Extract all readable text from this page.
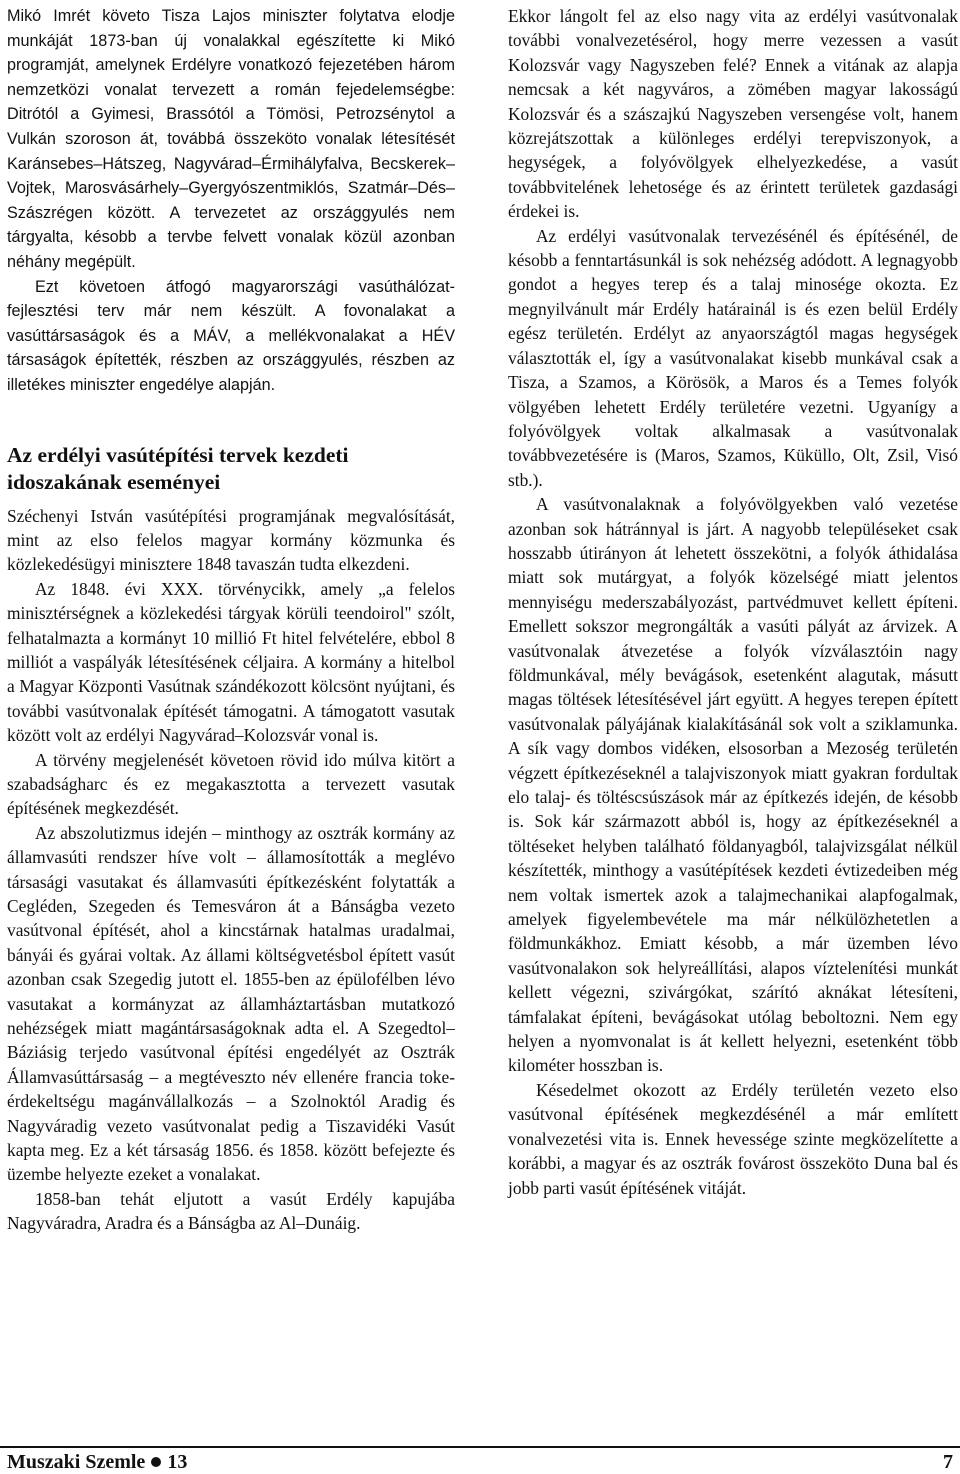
Mikó Imrét követo Tisza Lajos miniszter folytatva elodje munkáját 1873-ban új vonalakkal egészítette ki Mikó programját, amelynek Erdélyre vonatkozó fejezetében három nemzetközi vonalat tervezett a román fejedelemségbe: Ditrótól a Gyimesi, Brassótól a Tömösi, Petrozsénytol a Vulkán szoroson át, továbbá összeköto vonalak létesítését Karánsebes–Hátszeg, Nagyvárad–Érmihályfalva, Becskerek–Vojtek, Marosvásárhely–Gyergyószentmiklós, Szatmár–Dés–Szászrégen között. A tervezetet az országgyulés nem tárgyalta, késobb a tervbe felvett vonalak közül azonban néhány megépült.

Ezt követoen átfogó magyarországi vasúthálózat-fejlesztési terv már nem készült. A fovonalakat a vasúttársaságok és a MÁV, a mellékvonalakat a HÉV társaságok építették, részben az országgyulés, részben az illetékes miniszter engedélye alapján.

Az erdélyi vasútépítési tervek kezdeti idoszakának eseményei

Széchenyi István vasútépítési programjának megvalósítását, mint az elso felelos magyar kormány közmunka és közlekedésügyi minisztere 1848 tavaszán tudta elkezdeni.

Az 1848. évi XXX. törvénycikk, amely „a felelos minisztérségnek a közlekedési tárgyak körüli teendoirol" szólt, felhatalmazta a kormányt 10 millió Ft hitel felvételére, ebbol 8 milliót a vaspályák létesítésének céljaira. A kormány a hitelbol a Magyar Központi Vasútnak szándékozott kölcsönt nyújtani, és további vasútvonalak építését támogatni. A támogatott vasutak között volt az erdélyi Nagyvárad–Kolozsvár vonal is.

A törvény megjelenését követoen rövid ido múlva kitört a szabadságharc és ez megakasztotta a tervezett vasutak építésének megkezdését.

Az abszolutizmus idején – minthogy az osztrák kormány az államvasúti rendszer híve volt – államosították a meglévo társasági vasutakat és államvasúti építkezésként folytatták a Cegléden, Szegeden és Temesváron át a Bánságba vezeto vasútvonal építését, ahol a kincstárnak hatalmas uradalmai, bányái és gyárai voltak. Az állami költségvetésbol épített vasút azonban csak Szegedig jutott el. 1855-ben az épülofélben lévo vasutakat a kormányzat az államháztartásban mutatkozó nehézségek miatt magántársaságoknak adta el. A Szegedtol–Báziásig terjedo vasútvonal építési engedélyét az Osztrák Államvasúttársaság – a megtéveszto név ellenére francia toke-érdekeltségu magánvállalkozás – a Szolnoktól Aradig és Nagyváradig vezeto vasútvonalat pedig a Tiszavidéki Vasút kapta meg. Ez a két társaság 1856. és 1858. között befejezte és üzembe helyezte ezeket a vonalakat.

1858-ban tehát eljutott a vasút Erdély kapujába Nagyváradra, Aradra és a Bánságba az Al–Dunáig.

Ekkor lángolt fel az elso nagy vita az erdélyi vasútvonalak további vonalvezetésérol, hogy merre vezessen a vasút Kolozsvár vagy Nagyszeben felé? Ennek a vitának az alapja nemcsak a két nagyváros, a zömében magyar lakosságú Kolozsvár és a szászajkú Nagyszeben versengése volt, hanem közrejátszottak a különleges erdélyi terepviszonyok, a hegységek, a folyóvölgyek elhelyezkedése, a vasút továbbvitelének lehetosége és az érintett területek gazdasági érdekei is.

Az erdélyi vasútvonalak tervezésénél és építésénél, de késobb a fenntartásunkál is sok nehézség adódott. A legnagyobb gondot a hegyes terep és a talaj minosége okozta. Ez megnyilvánult már Erdély határainál is és ezen belül Erdély egész területén. Erdélyt az anyaországtól magas hegységek választották el, így a vasútvonalakat kisebb munkával csak a Tisza, a Szamos, a Körösök, a Maros és a Temes folyók völgyében lehetett Erdély területére vezetni. Ugyanígy a folyóvölgyek voltak alkalmasak a vasútvonalak továbbvezetésére is (Maros, Szamos, Küküllo, Olt, Zsil, Visó stb.).

A vasútvonalaknak a folyóvölgyekben való vezetése azonban sok hátránnyal is járt. A nagyobb településeket csak hosszabb útirányon át lehetett összekötni, a folyók áthidalása miatt sok mutárgyat, a folyók közelségé miatt jelentos mennyiségu mederszabályozást, partvédmuvet kellett építeni. Emellett sokszor megrongálták a vasúti pályát az árvizek. A vasútvonalak átvezetése a folyók vízválasztóin nagy földmunkával, mély bevágások, esetenként alagutak, másutt magas töltések létesítésével járt együtt. A hegyes terepen épített vasútvonalak pályájának kialakításánál sok volt a sziklamunka. A sík vagy dombos vidéken, elsosorban a Mezoség területén végzett építkezéseknél a talajviszonyok miatt gyakran fordultak elo talaj- és töltéscsúszások már az építkezés idején, de késobb is. Sok kár származott abból is, hogy az építkezéseknél a töltéseket helyben található földanyagból, talajvizsgálat nélkül készítették, minthogy a vasútépítések kezdeti évtizedeiben még nem voltak ismertek azok a talajmechanikai alapfogalmak, amelyek figyelembevétele ma már nélkülözhetetlen a földmunkákhoz. Emiatt késobb, a már üzemben lévo vasútvonalakon sok helyreállítási, alapos víztelenítési munkát kellett végezni, szivárgókat, szárító aknákat létesíteni, támfalakat építeni, bevágásokat utólag beboltozni. Nem egy helyen a nyomvonalat is át kellett helyezni, esetenként több kilométer hosszban is.

Késedelmet okozott az Erdély területén vezeto elso vasútvonal építésének megkezdésénél a már említett vonalvezetési vita is. Ennek hevessége szinte megközelítette a korábbi, a magyar és az osztrák fovárost összeköto Duna bal és jobb parti vasút építésének vitáját.

Muszaki Szemle 13	7
